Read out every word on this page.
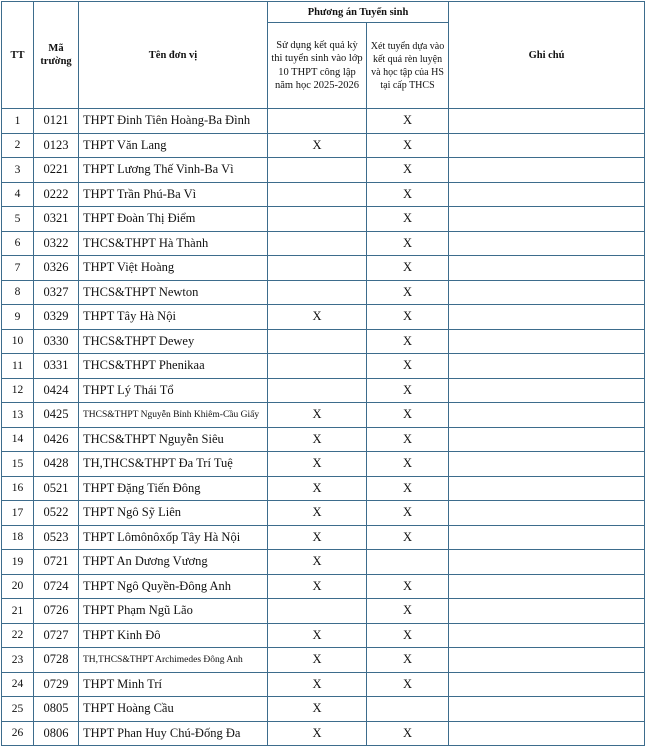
TT	Mã trường	Tên đơn vị	Phương án Tuyển sinh		Ghi chú
			Sử dụng kết quả kỳ thi tuyển sinh vào lớp 10 THPT công lập năm học 2025-2026	Xét tuyển dựa vào kết quả rèn luyện và học tập của HS tại cấp THCS	
1	0121	THPT Đinh Tiên Hoàng-Ba Đình		X	
2	0123	THPT Văn Lang	X	X	
3	0221	THPT Lương Thế Vinh-Ba Vì		X	
4	0222	THPT Trần Phú-Ba Vì		X	
5	0321	THPT Đoàn Thị Điểm		X	
6	0322	THCS&THPT Hà Thành		X	
7	0326	THPT Việt Hoàng		X	
8	0327	THCS&THPT Newton		X	
9	0329	THPT Tây Hà Nội	X	X	
10	0330	THCS&THPT Dewey		X	
11	0331	THCS&THPT Phenikaa		X	
12	0424	THPT Lý Thái Tổ		X	
13	0425	THCS&THPT Nguyễn Bỉnh Khiêm-Cầu Giấy	X	X	
14	0426	THCS&THPT Nguyễn Siêu	X	X	
15	0428	TH,THCS&THPT Đa Trí Tuệ	X	X	
16	0521	THPT Đặng Tiến Đông	X	X	
17	0522	THPT Ngô Sỹ Liên	X	X	
18	0523	THPT Lômônôxốp Tây Hà Nội	X	X	
19	0721	THPT An Dương Vương	X		
20	0724	THPT Ngô Quyền-Đông Anh	X	X	
21	0726	THPT Phạm Ngũ Lão		X	
22	0727	THPT Kinh Đô	X	X	
23	0728	TH,THCS&THPT Archimedes Đông Anh	X	X	
24	0729	THPT Minh Trí	X	X	
25	0805	THPT Hoàng Cầu	X		
26	0806	THPT Phan Huy Chú-Đống Đa	X	X	
